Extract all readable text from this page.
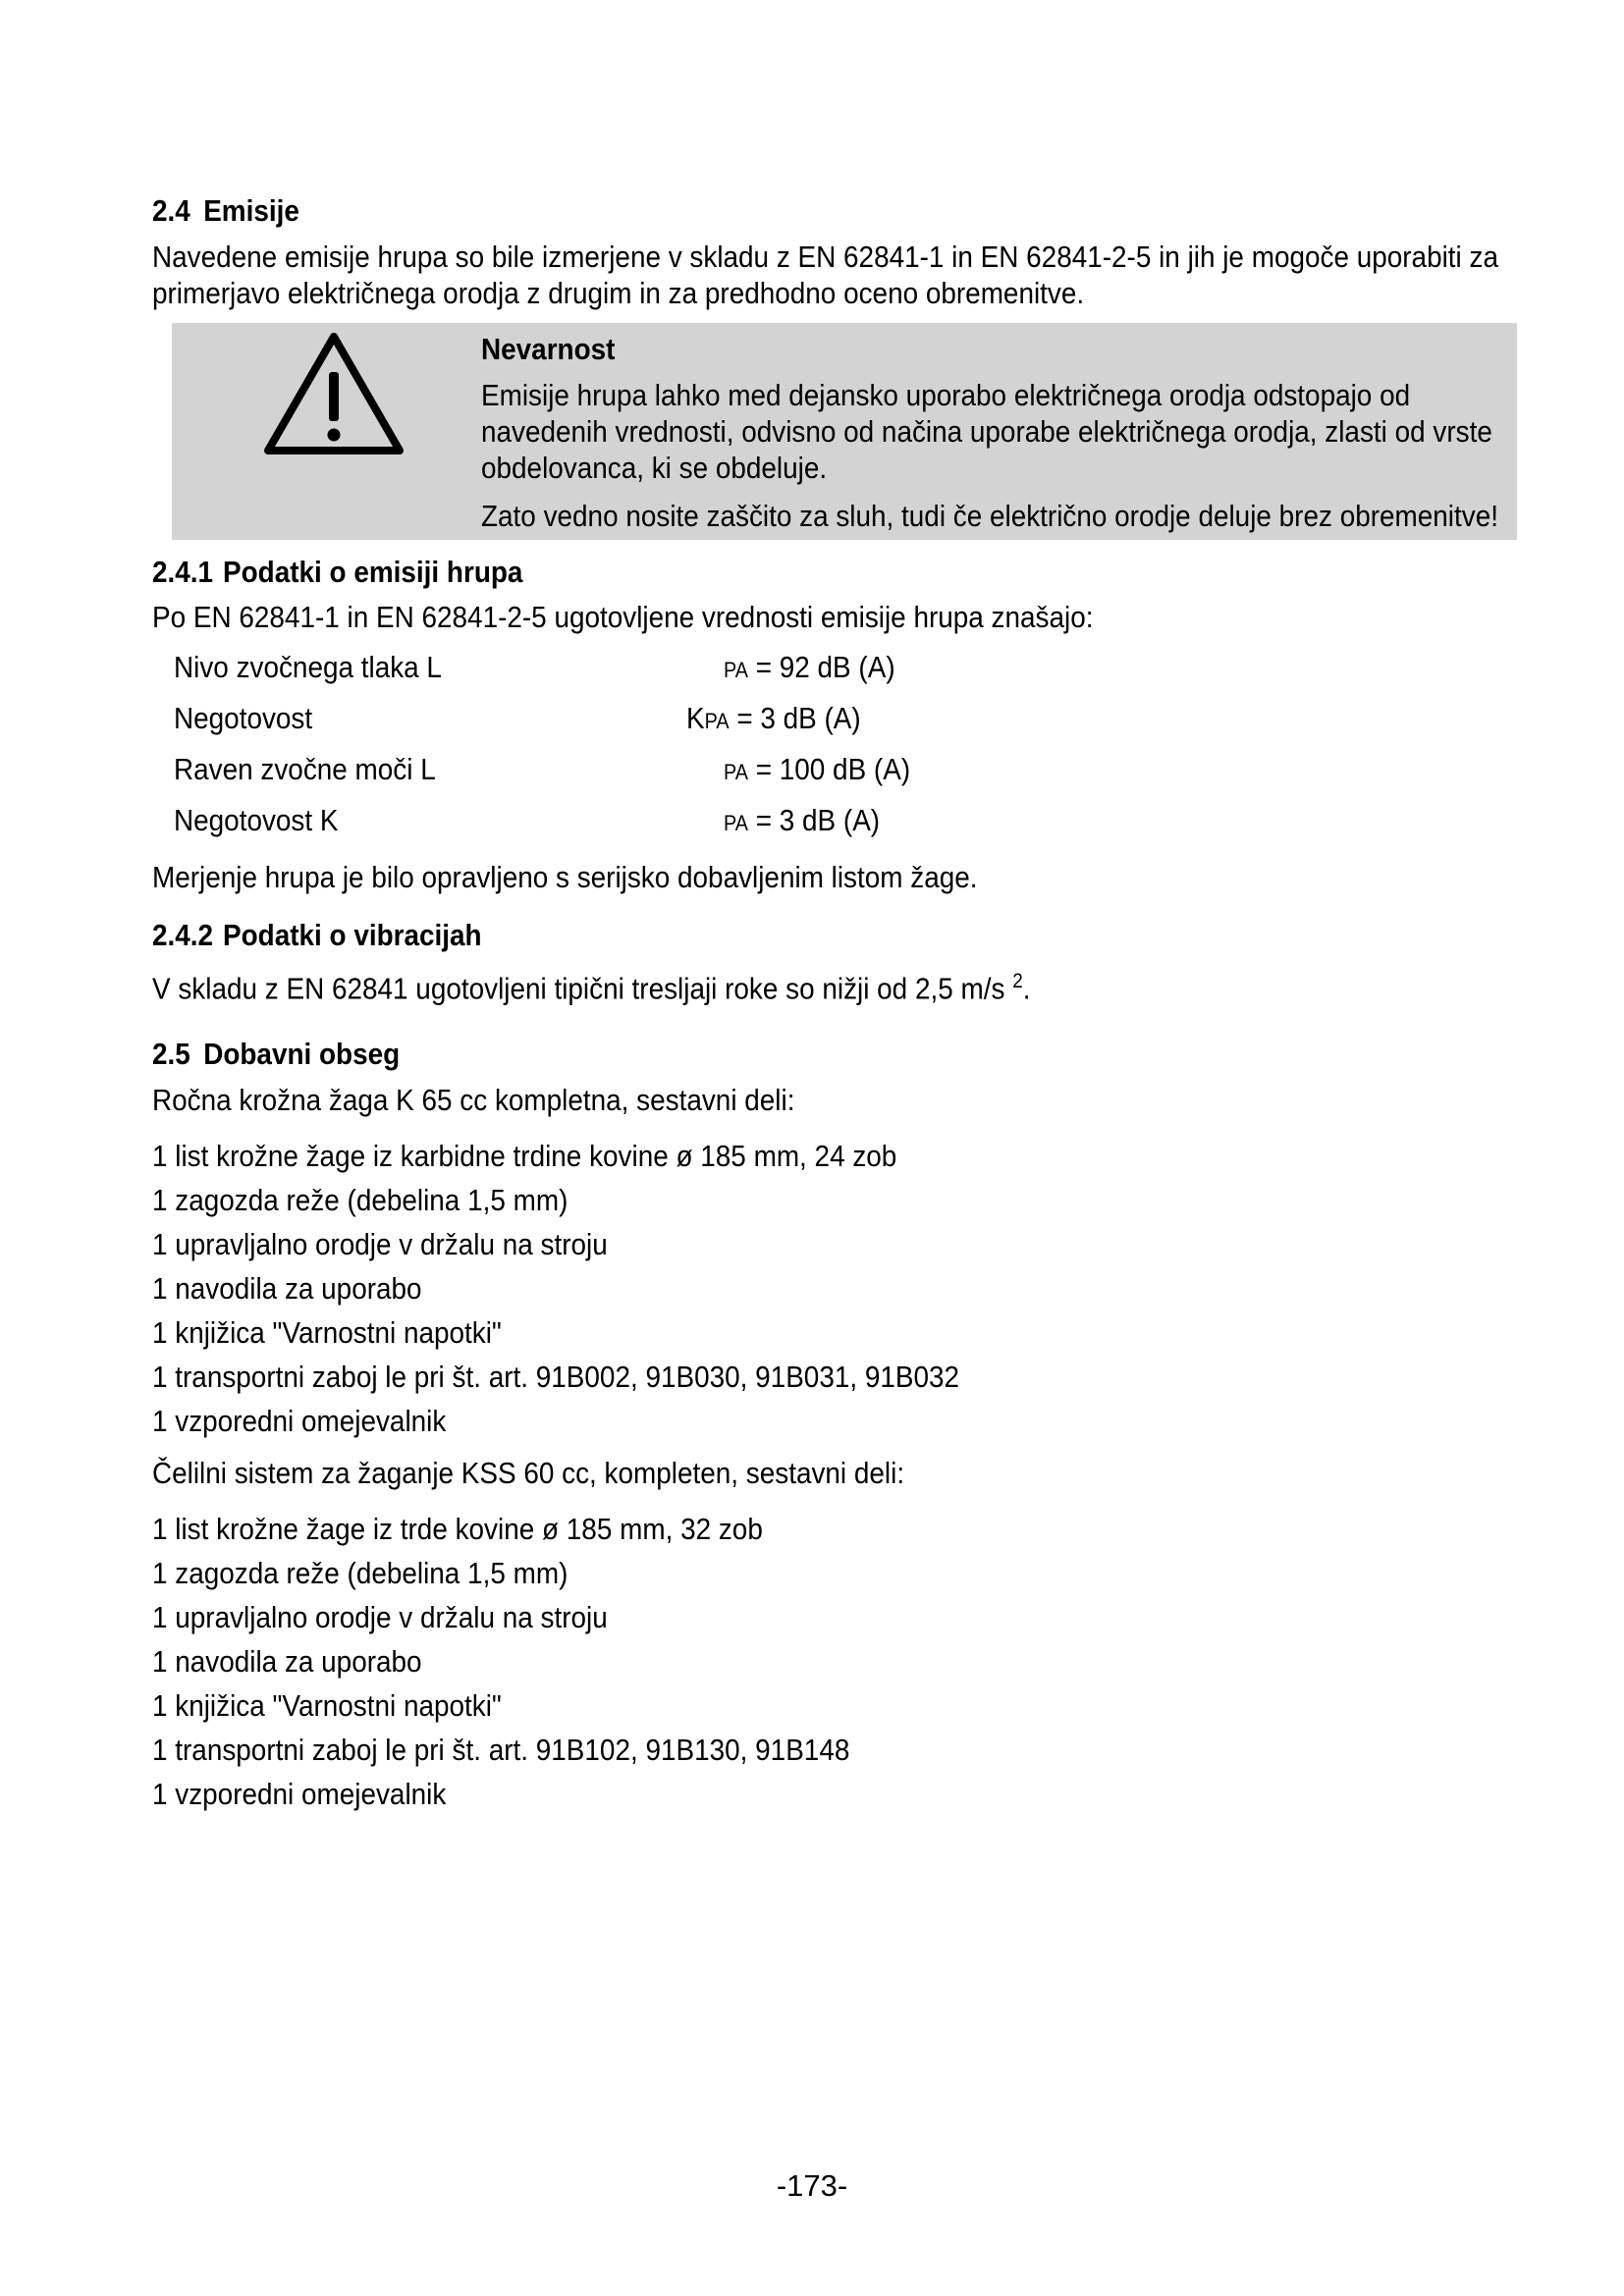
2.4 Emisije

Navedene emisije hrupa so bile izmerjene v skladu z EN 62841-1 in EN 62841-2-5 in jih je mogoče uporabiti za primerjavo električnega orodja z drugim in za predhodno oceno obremenitve.

Nevarnost

Emisije hrupa lahko med dejansko uporabo električnega orodja odstopajo od navedenih vrednosti, odvisno od načina uporabe električnega orodja, zlasti od vrste obdelovanca, ki se obdeluje.

Zato vedno nosite zaščito za sluh, tudi če električno orodje deluje brez obremenitve!

2.4.1 Podatki o emisiji hrupa

Po EN 62841-1 in EN 62841-2-5 ugotovljene vrednosti emisije hrupa znašajo:

Nivo zvočnega tlaka L	PA = 92 dB (A)
Negotovost	KPA = 3 dB (A)
Raven zvočne moči L	PA = 100 dB (A)
Negotovost K	PA = 3 dB (A)

Merjenje hrupa je bilo opravljeno s serijsko dobavljenim listom žage.

2.4.2 Podatki o vibracijah

V skladu z EN 62841 ugotovljeni tipični tresljaji roke so nižji od 2,5 m/s $^2$.

2.5 Dobavni obseg

Ročna krožna žaga K 65 cc kompletna, sestavni deli:

1 list krožne žage iz karbidne trdine kovine ø 185 mm, 24 zob
1 zagozda reže (debelina 1,5 mm)
1 upravljalno orodje v držalu na stroju
1 navodila za uporabo
1 knjižica "Varnostni napotki"
1 transportni zaboj le pri št. art. 91B002, 91B030, 91B031, 91B032
1 vzporedni omejevalnik

Čelilni sistem za žaganje KSS 60 cc, kompleten, sestavni deli:

1 list krožne žage iz trde kovine ø 185 mm, 32 zob
1 zagozda reže (debelina 1,5 mm)
1 upravljalno orodje v držalu na stroju
1 navodila za uporabo
1 knjižica "Varnostni napotki"
1 transportni zaboj le pri št. art. 91B102, 91B130, 91B148
1 vzporedni omejevalnik
-173-
